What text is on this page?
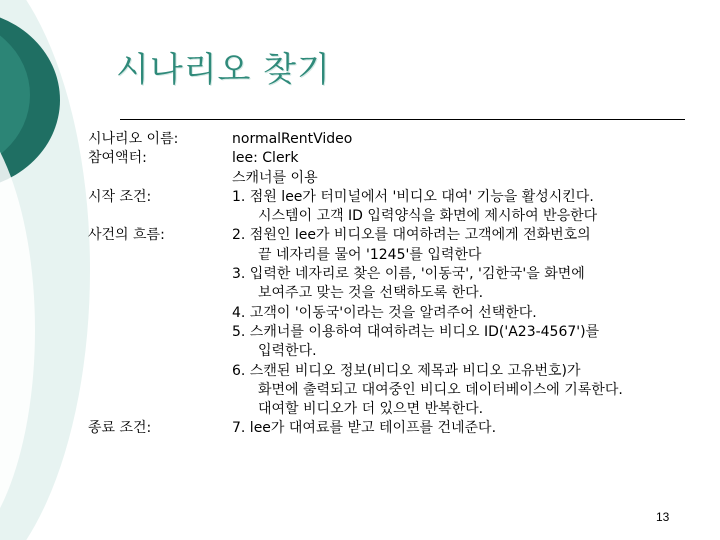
시나리오 찾기
시나리오 이름:
참여액터:
시작 조건:
사건의 흐름:
종료 조건:
normalRentVideo
lee: Clerk
스캐너를 이용
1. 점원 lee가 터미널에서 '비디오 대여' 기능을 활성시킨다.
시스템이 고객 ID 입력양식을 화면에 제시하여 반응한다
2. 점원인 lee가 비디오를 대여하려는 고객에게 전화번호의
끝 네자리를 물어 '1245'를 입력한다
3. 입력한 네자리로 찾은 이름, '이동국', '김한국'을 화면에
보여주고 맞는 것을 선택하도록 한다.
4. 고객이 '이동국'이라는 것을 알려주어 선택한다.
5. 스캐너를 이용하여 대여하려는 비디오 ID('A23-4567')를
입력한다.
6. 스캔된 비디오 정보(비디오 제목과 비디오 고유번호)가
화면에 출력되고 대여중인 비디오 데이터베이스에 기록한다.
대여할 비디오가 더 있으면 반복한다.
7. lee가 대여료를 받고 테이프를 건네준다.
13
